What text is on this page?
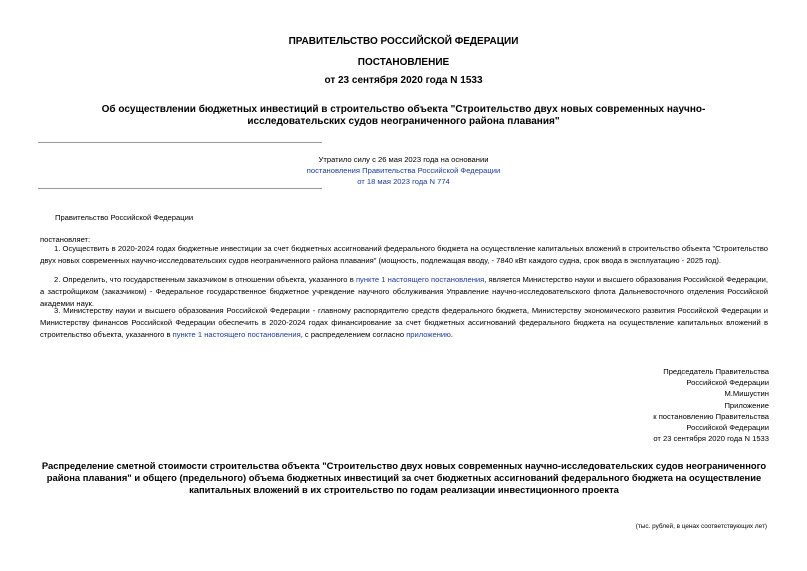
ПРАВИТЕЛЬСТВО РОССИЙСКОЙ ФЕДЕРАЦИИ
ПОСТАНОВЛЕНИЕ
от 23 сентября 2020 года N 1533
Об осуществлении бюджетных инвестиций в строительство объекта "Строительство двух новых современных научно-исследовательских судов неограниченного района плавания"
Утратило силу с 26 мая 2023 года на основании
постановления Правительства Российской Федерации
от 18 мая 2023 года N 774
Правительство Российской Федерации
постановляет:
1. Осуществить в 2020-2024 годах бюджетные инвестиции за счет бюджетных ассигнований федерального бюджета на осуществление капитальных вложений в строительство объекта "Строительство двух новых современных научно-исследовательских судов неограниченного района плавания" (мощность, подлежащая вводу, - 7840 кВт каждого судна, срок ввода в эксплуатацию - 2025 год).
2. Определить, что государственным заказчиком в отношении объекта, указанного в пункте 1 настоящего постановления, является Министерство науки и высшего образования Российской Федерации, а застройщиком (заказчиком) - Федеральное государственное бюджетное учреждение научного обслуживания Управление научно-исследовательского флота Дальневосточного отделения Российской академии наук.
3. Министерству науки и высшего образования Российской Федерации - главному распорядителю средств федерального бюджета, Министерству экономического развития Российской Федерации и Министерству финансов Российской Федерации обеспечить в 2020-2024 годах финансирование за счет бюджетных ассигнований федерального бюджета на осуществление капитальных вложений в строительство объекта, указанного в пункте 1 настоящего постановления, с распределением согласно приложению.
Председатель Правительства
Российской Федерации
М.Мишустин
Приложение
к постановлению Правительства
Российской Федерации
от 23 сентября 2020 года N 1533
Распределение сметной стоимости строительства объекта "Строительство двух новых современных научно-исследовательских судов неограниченного района плавания" и общего (предельного) объема бюджетных инвестиций за счет бюджетных ассигнований федерального бюджета на осуществление капитальных вложений в их строительство по годам реализации инвестиционного проекта
(тыс. рублей, в ценах соответствующих лет)
